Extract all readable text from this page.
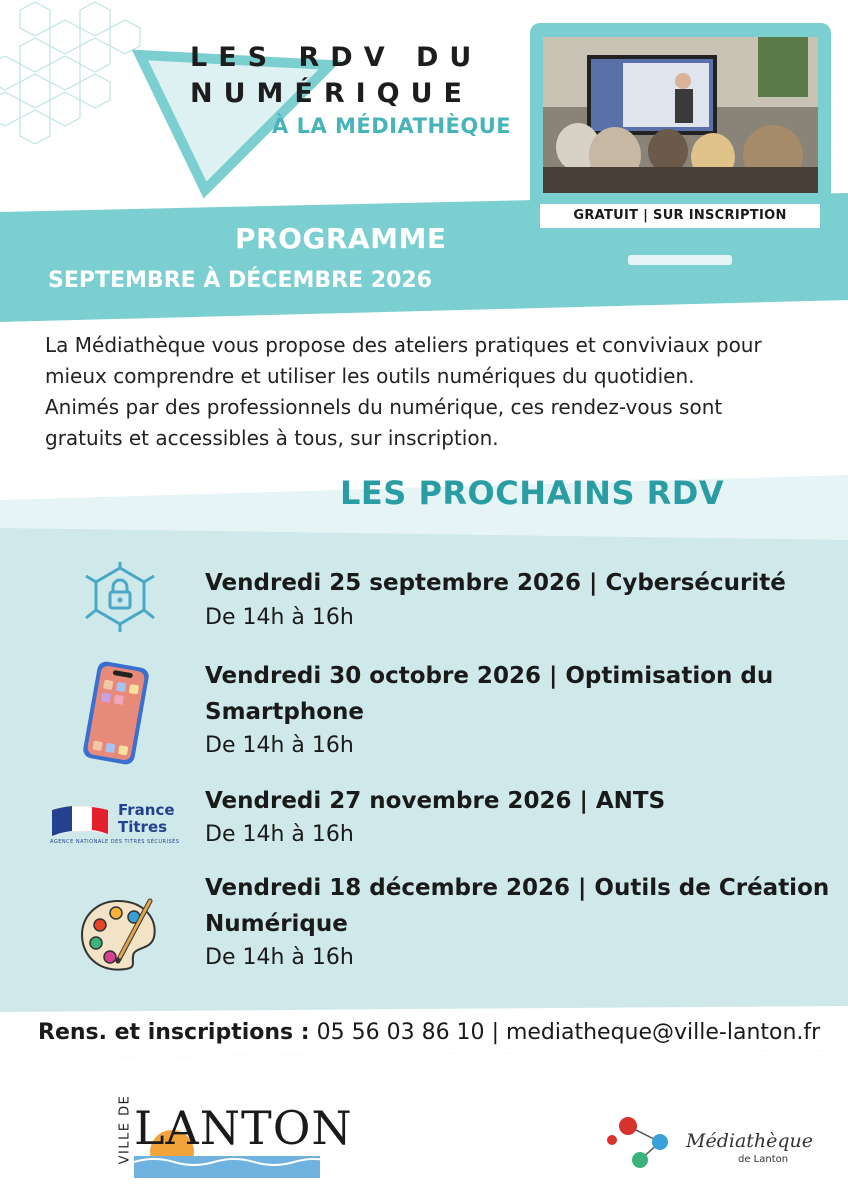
LES RDV DU
NUMÉRIQUE
À LA MÉDIATHÈQUE
GRATUIT | SUR INSCRIPTION
PROGRAMME
SEPTEMBRE À DÉCEMBRE 2026
La Médiathèque vous propose des ateliers pratiques et conviviaux pour
mieux comprendre et utiliser les outils numériques du quotidien.
Animés par des professionnels du numérique, ces rendez-vous sont
gratuits et accessibles à tous, sur inscription.
LES PROCHAINS RDV
Vendredi 25 septembre 2026 | Cybersécurité
De 14h à 16h
Vendredi 30 octobre 2026 | Optimisation du
Smartphone
De 14h à 16h
France
Titres
AGENCE NATIONALE DES TITRES SÉCURISÉS
Vendredi 27 novembre 2026 | ANTS
De 14h à 16h
Vendredi 18 décembre 2026 | Outils de Création
Numérique
De 14h à 16h
Rens. et inscriptions : 05 56 03 86 10 | mediatheque@ville-lanton.fr
VILLE DE LANTON	Médiathèque
de Lanton
